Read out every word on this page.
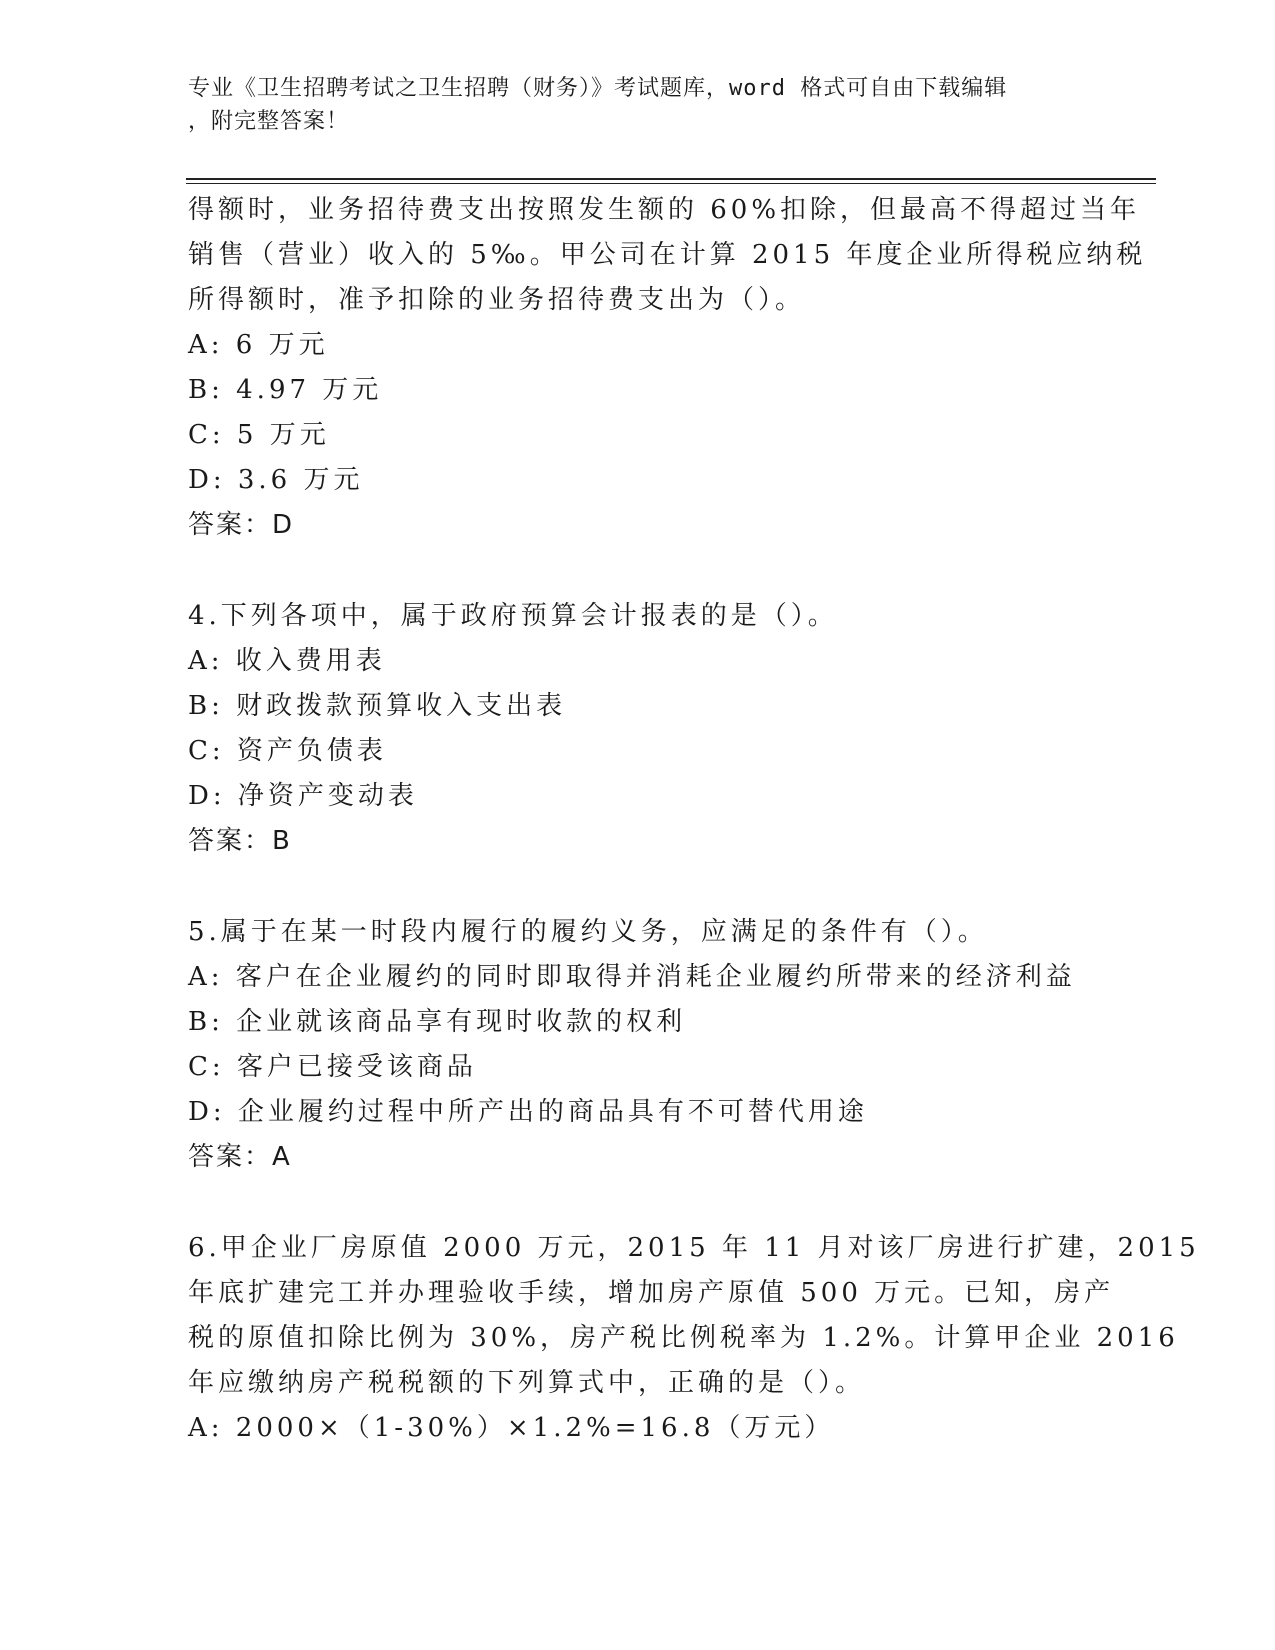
专业《卫生招聘考试之卫生招聘（财务）》考试题库，word 格式可自由下载编辑
，附完整答案！
得额时，业务招待费支出按照发生额的 60%扣除，但最高不得超过当年
销售（营业）收入的 5‰。甲公司在计算 2015 年度企业所得税应纳税
所得额时，准予扣除的业务招待费支出为（）。
A: 6 万元
B: 4.97 万元
C: 5 万元
D: 3.6 万元
答案：D
4.下列各项中，属于政府预算会计报表的是（）。
A: 收入费用表
B: 财政拨款预算收入支出表
C: 资产负债表
D: 净资产变动表
答案：B
5.属于在某一时段内履行的履约义务，应满足的条件有（）。
A: 客户在企业履约的同时即取得并消耗企业履约所带来的经济利益
B: 企业就该商品享有现时收款的权利
C: 客户已接受该商品
D: 企业履约过程中所产出的商品具有不可替代用途
答案：A
6.甲企业厂房原值 2000 万元，2015 年 11 月对该厂房进行扩建，2015
年底扩建完工并办理验收手续，增加房产原值 500 万元。已知，房产
税的原值扣除比例为 30%，房产税比例税率为 1.2%。计算甲企业 2016
年应缴纳房产税税额的下列算式中，正确的是（）。
A: 2000×（1-30%）×1.2%=16.8（万元）
